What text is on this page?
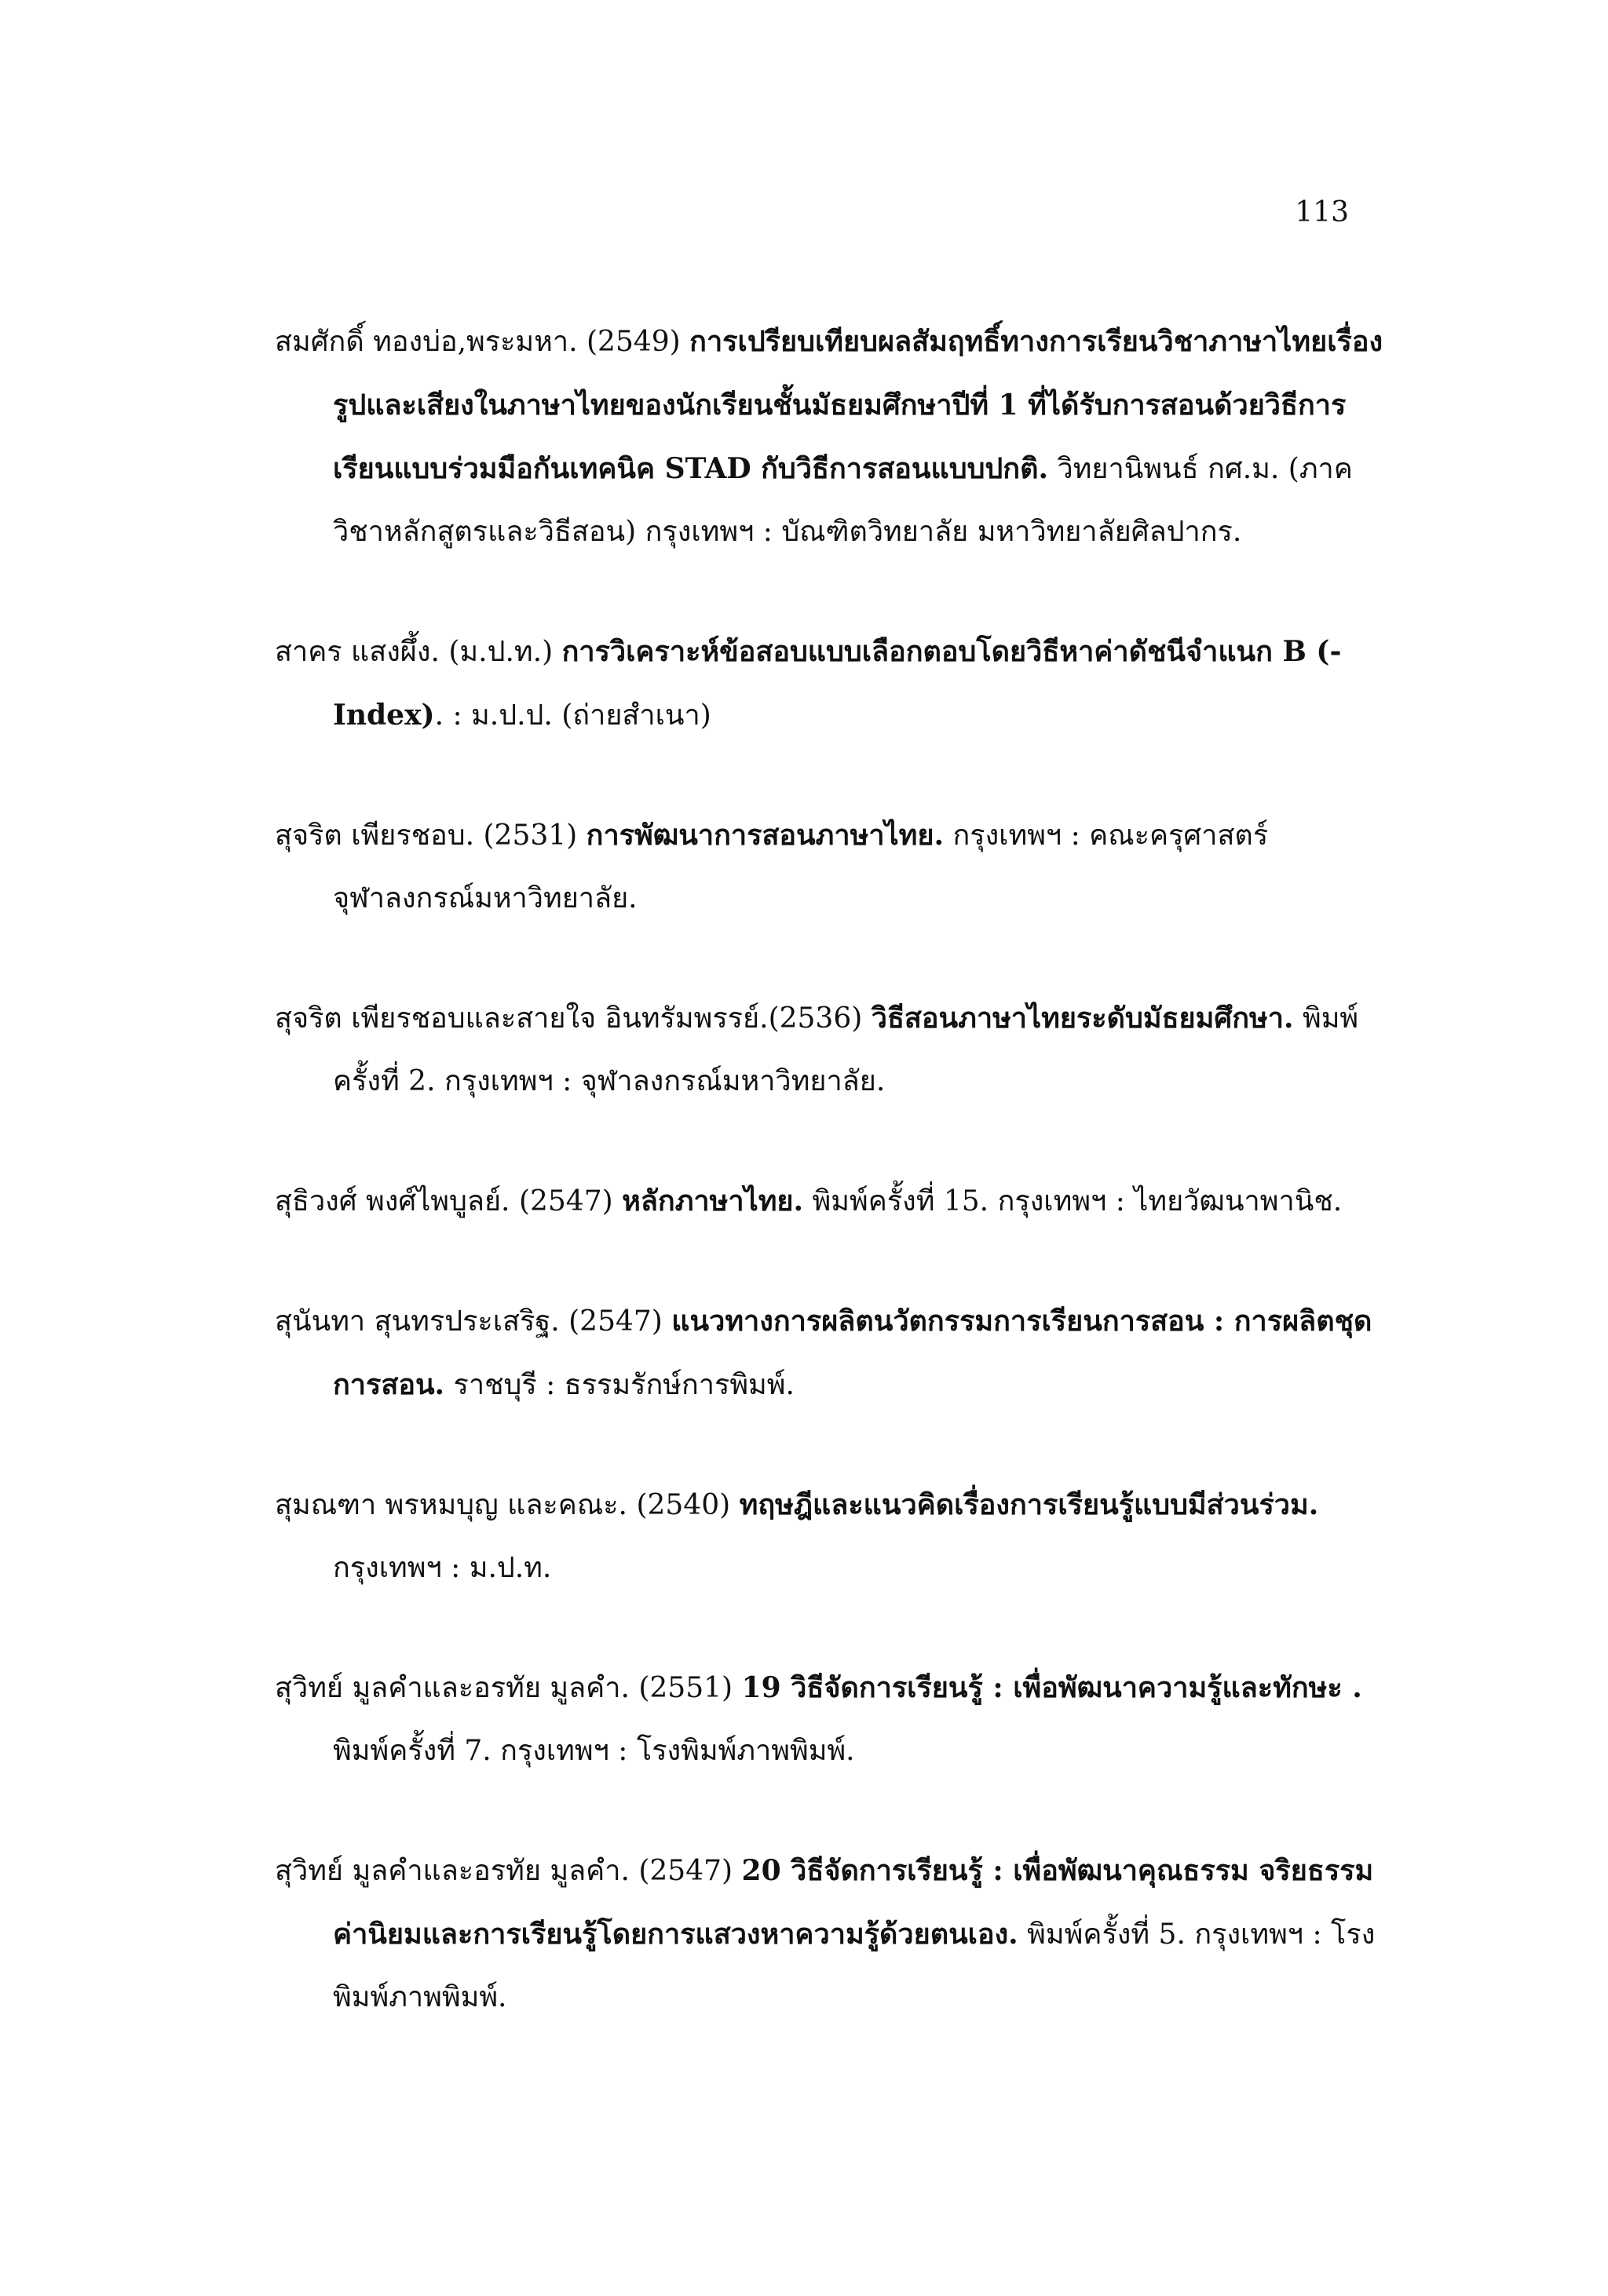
113

สมศักดิ์ ทองบ่อ,พระมหา. (2549) การเปรียบเทียบผลสัมฤทธิ์ทางการเรียนวิชาภาษาไทยเรื่อง รูปและเสียงในภาษาไทยของนักเรียนชั้นมัธยมศึกษาปีที่ 1 ที่ได้รับการสอนด้วยวิธีการเรียนแบบร่วมมือกันเทคนิค STAD กับวิธีการสอนแบบปกติ. วิทยานิพนธ์ กศ.ม. (ภาควิชาหลักสูตรและวิธีสอน) กรุงเทพฯ : บัณฑิตวิทยาลัย มหาวิทยาลัยศิลปากร.

สาคร แสงผึ้ง. (ม.ป.ท.) การวิเคราะห์ข้อสอบแบบเลือกตอบโดยวิธีหาค่าดัชนีจำแนก B (-Index). : ม.ป.ป. (ถ่ายสำเนา)

สุจริต เพียรชอบ. (2531) การพัฒนาการสอนภาษาไทย. กรุงเทพฯ : คณะครุศาสตร์ จุฬาลงกรณ์มหาวิทยาลัย.

สุจริต เพียรชอบและสายใจ อินทรัมพรรย์.(2536) วิธีสอนภาษาไทยระดับมัธยมศึกษา. พิมพ์ครั้งที่ 2. กรุงเทพฯ : จุฬาลงกรณ์มหาวิทยาลัย.

สุธิวงศ์ พงศ์ไพบูลย์. (2547) หลักภาษาไทย. พิมพ์ครั้งที่ 15. กรุงเทพฯ : ไทยวัฒนาพานิช.

สุนันทา สุนทรประเสริฐ. (2547) แนวทางการผลิตนวัตกรรมการเรียนการสอน : การผลิตชุดการสอน. ราชบุรี : ธรรมรักษ์การพิมพ์.

สุมณฑา พรหมบุญ และคณะ. (2540) ทฤษฎีและแนวคิดเรื่องการเรียนรู้แบบมีส่วนร่วม. กรุงเทพฯ : ม.ป.ท.

สุวิทย์ มูลคำและอรทัย มูลคำ. (2551) 19 วิธีจัดการเรียนรู้ : เพื่อพัฒนาความรู้และทักษะ . พิมพ์ครั้งที่ 7. กรุงเทพฯ : โรงพิมพ์ภาพพิมพ์.

สุวิทย์ มูลคำและอรทัย มูลคำ. (2547) 20 วิธีจัดการเรียนรู้ : เพื่อพัฒนาคุณธรรม จริยธรรมค่านิยมและการเรียนรู้โดยการแสวงหาความรู้ด้วยตนเอง. พิมพ์ครั้งที่ 5. กรุงเทพฯ : โรงพิมพ์ภาพพิมพ์.
